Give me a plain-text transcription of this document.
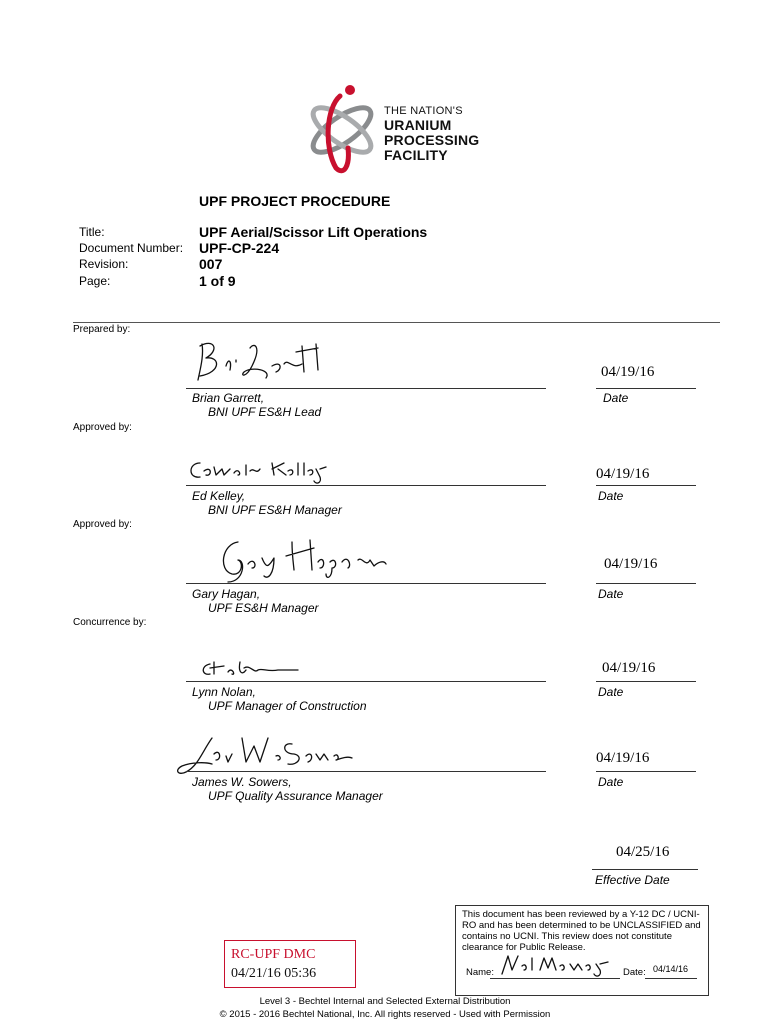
THE NATION'S
URANIUM
PROCESSING
FACILITY
UPF PROJECT PROCEDURE
Title:	UPF Aerial/Scissor Lift Operations
Document Number: UPF-CP-224
Revision:	007
Page:	1 of 9
Prepared by:
04/19/16
Brian Garrett,
BNI UPF ES&H Lead
Date
Approved by:
04/19/16
Ed Kelley,
BNI UPF ES&H Manager
Date
Approved by:
04/19/16
Gary Hagan,
UPF ES&H Manager
Date
Concurrence by:
04/19/16
Lynn Nolan,
UPF Manager of Construction
Date
04/19/16
James W. Sowers,
UPF Quality Assurance Manager
Date
04/25/16
Effective Date
This document has been reviewed by a Y-12 DC / UCNI-RO and has been determined to be UNCLASSIFIED and contains no UCNI. This review does not constitute clearance for Public Release.
Name:	Date: 04/14/16
RC-UPF DMC
04/21/16 05:36
Level 3 - Bechtel Internal and Selected External Distribution
© 2015 - 2016 Bechtel National, Inc. All rights reserved - Used with Permission
